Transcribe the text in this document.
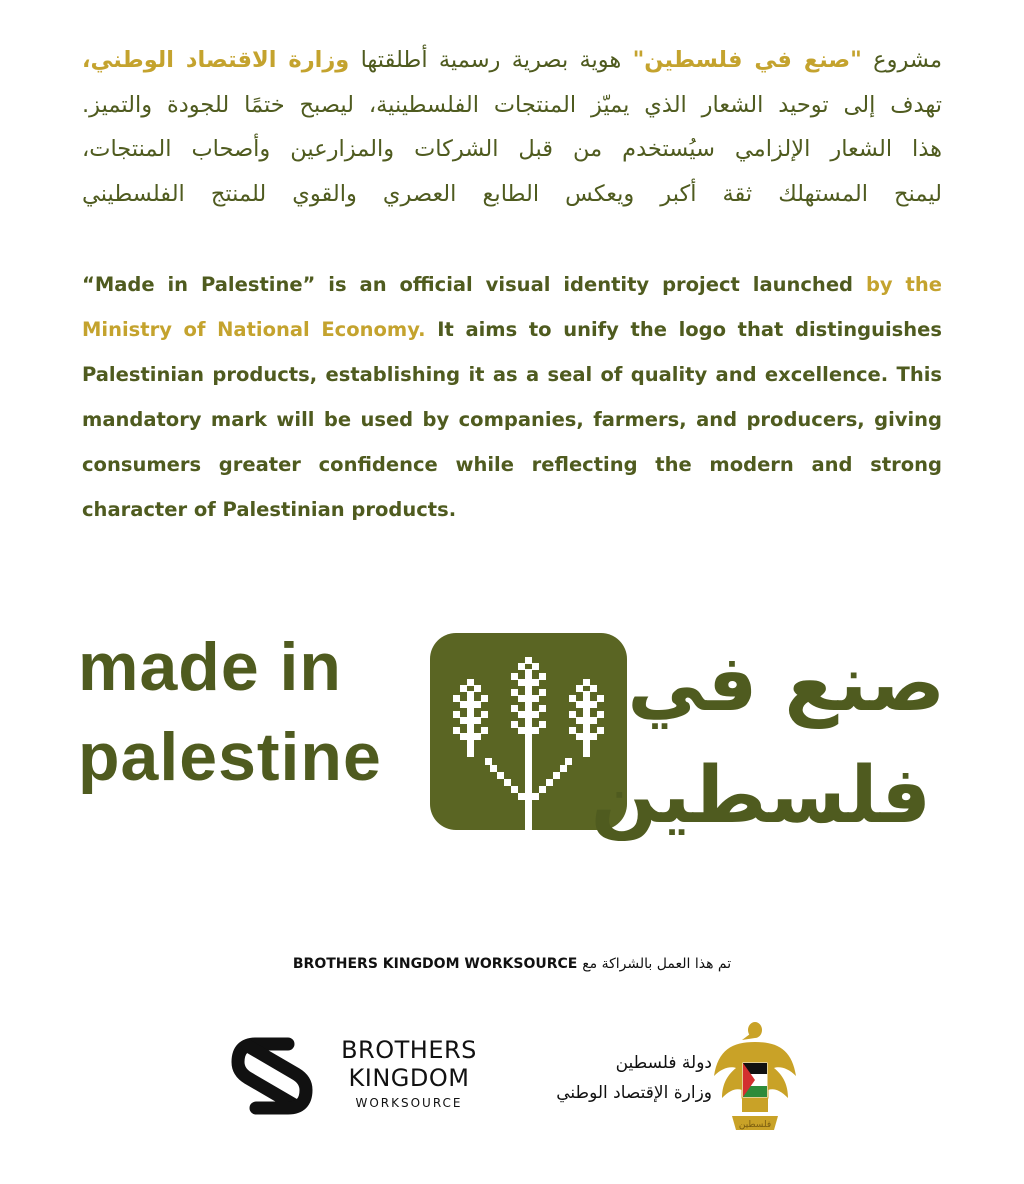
مشروع "صنع في فلسطين" هوية بصرية رسمية أطلقتها وزارة الاقتصاد الوطني،
تهدف إلى توحيد الشعار الذي يميّز المنتجات الفلسطينية، ليصبح ختمًا للجودة والتميز.
هذا الشعار الإلزامي سيُستخدم من قبل الشركات والمزارعين وأصحاب المنتجات،
ليمنح المستهلك ثقة أكبر ويعكس الطابع العصري والقوي للمنتج الفلسطيني
“Made in Palestine” is an official visual identity project launched by the
Ministry of National Economy. It aims to unify the logo that distinguishes
Palestinian products, establishing it as a seal of quality and excellence. This
mandatory mark will be used by companies, farmers, and producers, giving
consumers greater confidence while reflecting the modern and strong
character of Palestinian products.
made in
palestine
صنع في
فلسطين
BROTHERS KINGDOM WORKSOURCE تم هذا العمل بالشراكة مع
BROTHERS
KINGDOM
WORKSOURCE
دولة فلسطين
وزارة الإقتصاد الوطني
فلسطين
